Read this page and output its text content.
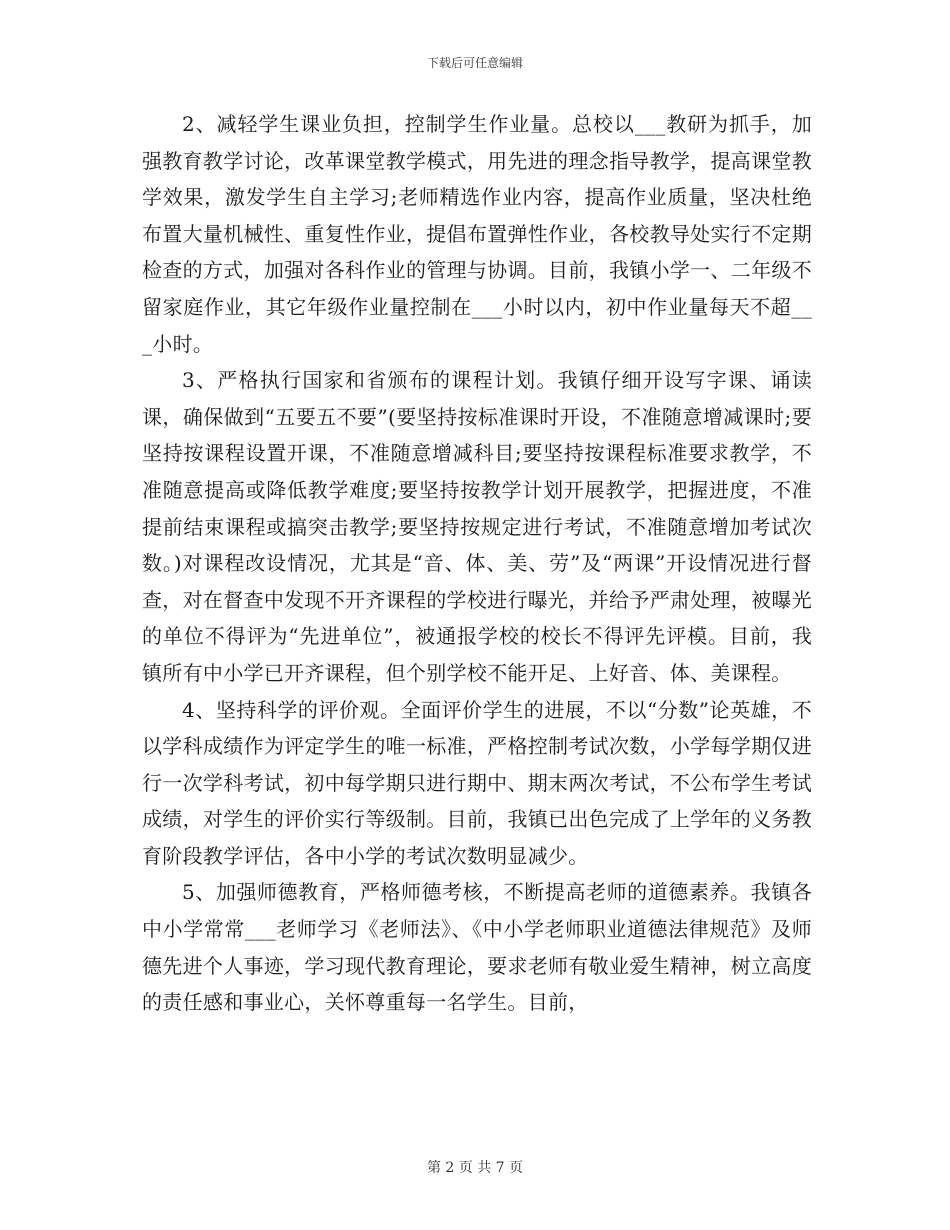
下载后可任意编辑

2、减轻学生课业负担，控制学生作业量。总校以___教研为抓手，加强教育教学讨论，改革课堂教学模式，用先进的理念指导教学，提高课堂教学效果，激发学生自主学习;老师精选作业内容，提高作业质量，坚决杜绝布置大量机械性、重复性作业，提倡布置弹性作业，各校教导处实行不定期检查的方式，加强对各科作业的管理与协调。目前，我镇小学一、二年级不留家庭作业，其它年级作业量控制在___小时以内，初中作业量每天不超___小时。

3、严格执行国家和省颁布的课程计划。我镇仔细开设写字课、诵读课，确保做到“五要五不要”(要坚持按标准课时开设，不准随意增减课时;要坚持按课程设置开课，不准随意增减科目;要坚持按课程标准要求教学，不准随意提高或降低教学难度;要坚持按教学计划开展教学，把握进度，不准提前结束课程或搞突击教学;要坚持按规定进行考试，不准随意增加考试次数。)对课程改设情况，尤其是“音、体、美、劳”及“两课”开设情况进行督查，对在督查中发现不开齐课程的学校进行曝光，并给予严肃处理，被曝光的单位不得评为“先进单位”，被通报学校的校长不得评先评模。目前，我镇所有中小学已开齐课程，但个别学校不能开足、上好音、体、美课程。

4、坚持科学的评价观。全面评价学生的进展，不以“分数”论英雄，不以学科成绩作为评定学生的唯一标准，严格控制考试次数，小学每学期仅进行一次学科考试，初中每学期只进行期中、期末两次考试，不公布学生考试成绩，对学生的评价实行等级制。目前，我镇已出色完成了上学年的义务教育阶段教学评估，各中小学的考试次数明显减少。

5、加强师德教育，严格师德考核，不断提高老师的道德素养。我镇各中小学常常___老师学习《老师法》、《中小学老师职业道德法律规范》及师德先进个人事迹，学习现代教育理论，要求老师有敬业爱生精神，树立高度的责任感和事业心，关怀尊重每一名学生。目前，

第 2 页 共 7 页
